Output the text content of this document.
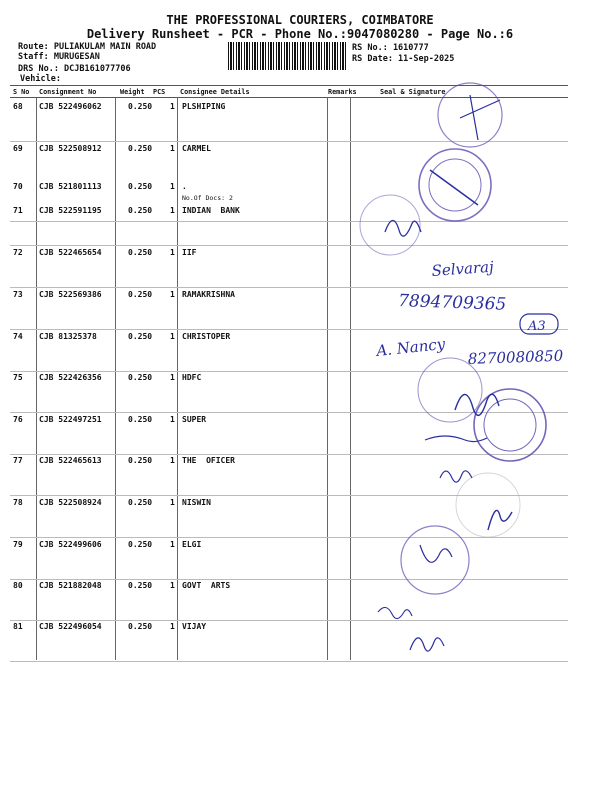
THE PROFESSIONAL COURIERS, COIMBATORE
Delivery Runsheet - PCR - Phone No.:9047080280 - Page No.:6
Route: PULIAKULAM MAIN ROAD
Staff: MURUGESAN
DRS No.: DCJB161077706
Vehicle:
RS No.: 1610777
RS Date: 11-Sep-2025
S No Consignment No	Weight PCS Consignee Details	Remarks	Seal & Signature
68 CJB 522496062	0.250 1 PLSHIPING
69 CJB 522508912	0.250 1 CARMEL
70 CJB 521801113	0.250 1 .
No.Of Docs: 2
71 CJB 522591195	0.250 1 INDIAN  BANK
72 CJB 522465654	0.250 1 IIF
73 CJB 522569386	0.250 1 RAMAKRISHNA
74 CJB 81325378	0.250 1 CHRISTOPER
75 CJB 522426356	0.250 1 HDFC
76 CJB 522497251	0.250 1 SUPER
77 CJB 522465613	0.250 1 THE  OFICER
78 CJB 522508924	0.250 1 NISWIN
79 CJB 522499606	0.250 1 ELGI
80 CJB 521882048	0.250 1 GOVT  ARTS
81 CJB 522496054	0.250 1 VIJAY
Selvaraj
7894709365
A. Nancy 8270080850
A3
